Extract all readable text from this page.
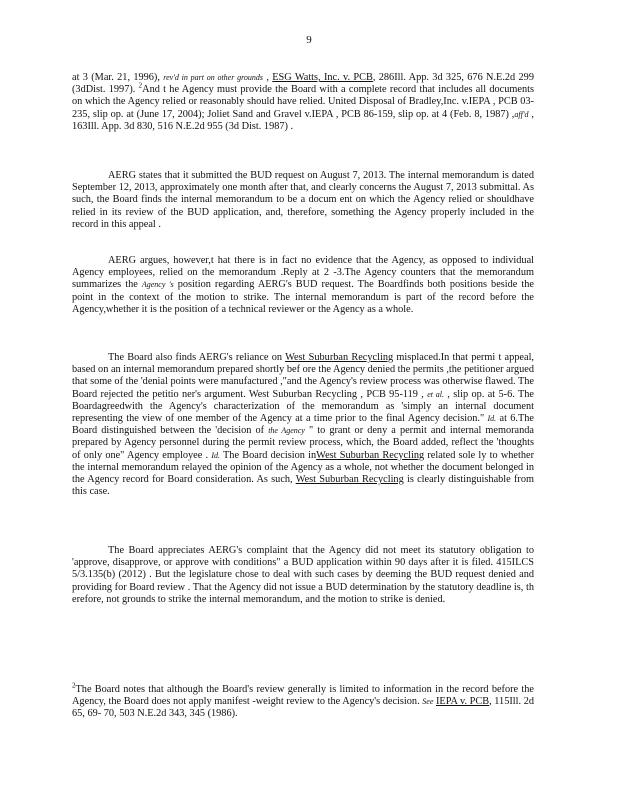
9

at 3 (Mar. 21, 1996), rev'd in part on other grounds , ESG Watts, Inc. v. PCB, 286Ill. App. 3d 325, 676 N.E.2d 299 (3dDist. 1997). $^2$And t he Agency must provide the Board with a complete record that includes all documents on which the Agency relied or reasonably should have relied. United Disposal of Bradley,Inc. v.IEPA , PCB 03-235, slip op. at (June 17, 2004); Joliet Sand and Gravel v.IEPA , PCB 86-159, slip op. at 4 (Feb. 8, 1987) ,aff'd , 163Ill. App. 3d 830, 516 N.E.2d 955 (3d Dist. 1987) .

AERG states that it submitted the BUD request on August 7, 2013. The internal memorandum is dated September 12, 2013, approximately one month after that, and clearly concerns the August 7, 2013 submittal. As such, the Board finds the internal memorandum to be a docum ent on which the Agency relied or shouldhave relied in its review of the BUD application, and, therefore, something the Agency properly included in the record in this appeal .

AERG argues, however,t hat there is in fact no evidence that the Agency, as opposed to individual Agency employees, relied on the memorandum .Reply at 2 -3.The Agency counters that the memorandum summarizes the Agency 's position regarding AERG's BUD request. The Boardfinds both positions beside the point in the context of the motion to strike. The internal memorandum is part of the record before the Agency,whether it is the position of a technical reviewer or the Agency as a whole.

The Board also finds AERG's reliance on West Suburban Recycling misplaced.In that permi t appeal, based on an internal memorandum prepared shortly bef ore the Agency denied the permits ,the petitioner argued that some of the 'denial points were manufactured ,"and the Agency's review process was otherwise flawed. The Board rejected the petitio ner's argument. West Suburban Recycling , PCB 95-119 , et al. , slip op. at 5-6. The Boardagreedwith the Agency's characterization of the memorandum as 'simply an internal document representing the view of one member of the Agency at a time prior to the final Agency decision." Id. at 6.The Board distinguished between the 'decision of the Agency " to grant or deny a permit and internal memoranda prepared by Agency personnel during the permit review process, which, the Board added, reflect the 'thoughts of only one" Agency employee . Id. The Board decision inWest Suburban Recycling related sole ly to whether the internal memorandum relayed the opinion of the Agency as a whole, not whether the document belonged in the Agency record for Board consideration. As such, West Suburban Recycling is clearly distinguishable from this case.

The Board appreciates AERG's complaint that the Agency did not meet its statutory obligation to 'approve, disapprove, or approve with conditions" a BUD application within 90 days after it is filed. 415ILCS 5/3.135(b) (2012) . But the legislature chose to deal with such cases by deeming the BUD request denied and providing for Board review . That the Agency did not issue a BUD determination by the statutory deadline is, th erefore, not grounds to strike the internal memorandum, and the motion to strike is denied.

$^2$The Board notes that although the Board's review generally is limited to information in the record before the Agency, the Board does not apply manifest -weight review to the Agency's decision. See IEPA v. PCB, 115Ill. 2d 65, 69- 70, 503 N.E.2d 343, 345 (1986).
